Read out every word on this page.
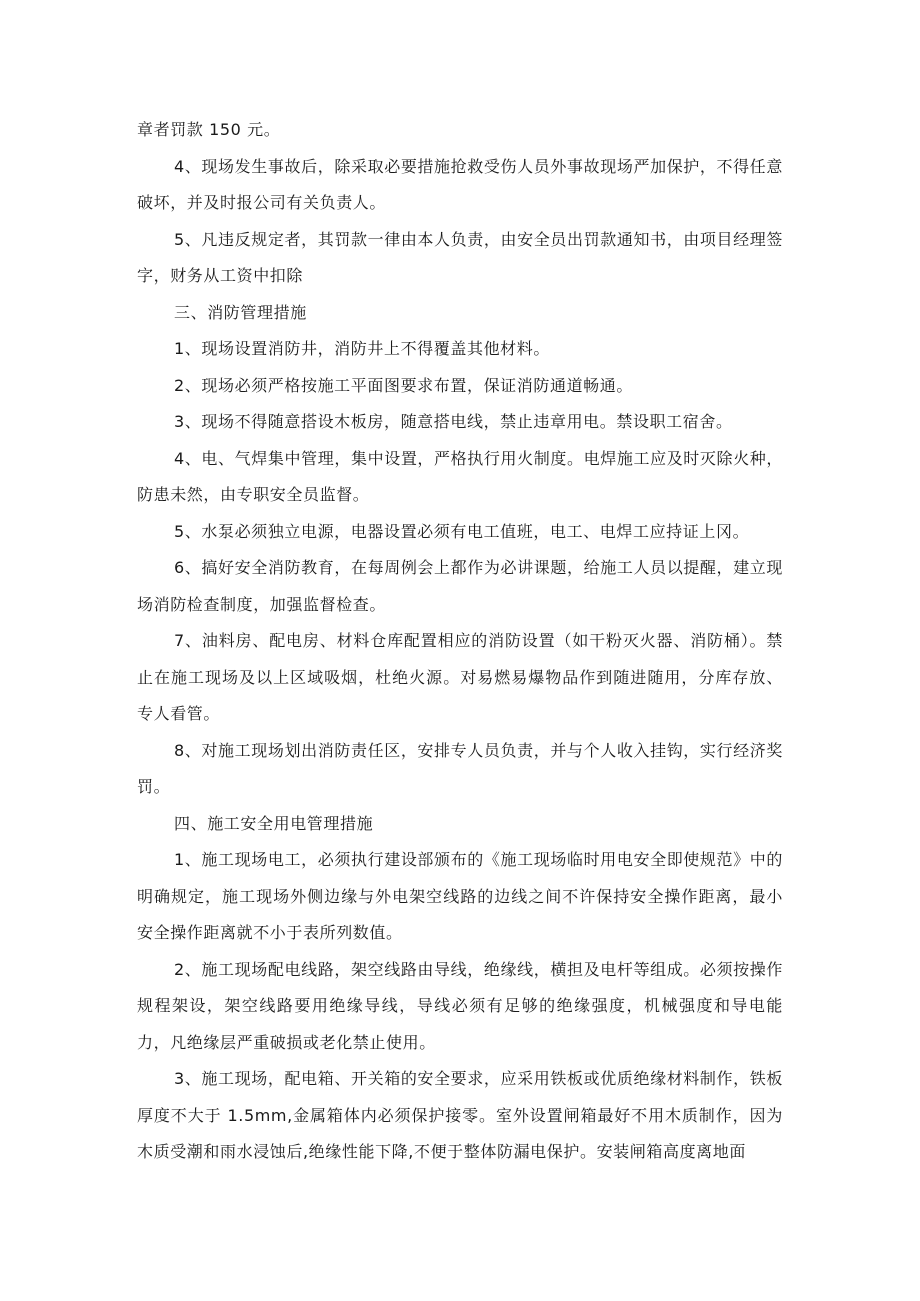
章者罚款 150 元。

4、现场发生事故后，除采取必要措施抢救受伤人员外事故现场严加保护，不得任意破坏，并及时报公司有关负责人。

5、凡违反规定者，其罚款一律由本人负责，由安全员出罚款通知书，由项目经理签字，财务从工资中扣除

三、消防管理措施

1、现场设置消防井，消防井上不得覆盖其他材料。

2、现场必须严格按施工平面图要求布置，保证消防通道畅通。

3、现场不得随意搭设木板房，随意搭电线，禁止违章用电。禁设职工宿舍。

4、电、气焊集中管理，集中设置，严格执行用火制度。电焊施工应及时灭除火种，防患未然，由专职安全员监督。

5、水泵必须独立电源，电器设置必须有电工值班，电工、电焊工应持证上冈。

6、搞好安全消防教育，在每周例会上都作为必讲课题，给施工人员以提醒，建立现场消防检查制度，加强监督检查。

7、油料房、配电房、材料仓库配置相应的消防设置（如干粉灭火器、消防桶）。禁止在施工现场及以上区域吸烟，杜绝火源。对易燃易爆物品作到随进随用，分库存放、专人看管。

8、对施工现场划出消防责任区，安排专人员负责，并与个人收入挂钩，实行经济奖罚。

四、施工安全用电管理措施

1、施工现场电工，必须执行建设部颁布的《施工现场临时用电安全即使规范》中的明确规定，施工现场外侧边缘与外电架空线路的边线之间不许保持安全操作距离，最小安全操作距离就不小于表所列数值。

2、施工现场配电线路，架空线路由导线，绝缘线，横担及电杆等组成。必须按操作规程架设，架空线路要用绝缘导线，导线必须有足够的绝缘强度，机械强度和导电能力，凡绝缘层严重破损或老化禁止使用。

3、施工现场，配电箱、开关箱的安全要求，应采用铁板或优质绝缘材料制作，铁板厚度不大于 1.5mm,金属箱体内必须保护接零。室外设置闸箱最好不用木质制作，因为木质受潮和雨水浸蚀后,绝缘性能下降,不便于整体防漏电保护。安装闸箱高度离地面
